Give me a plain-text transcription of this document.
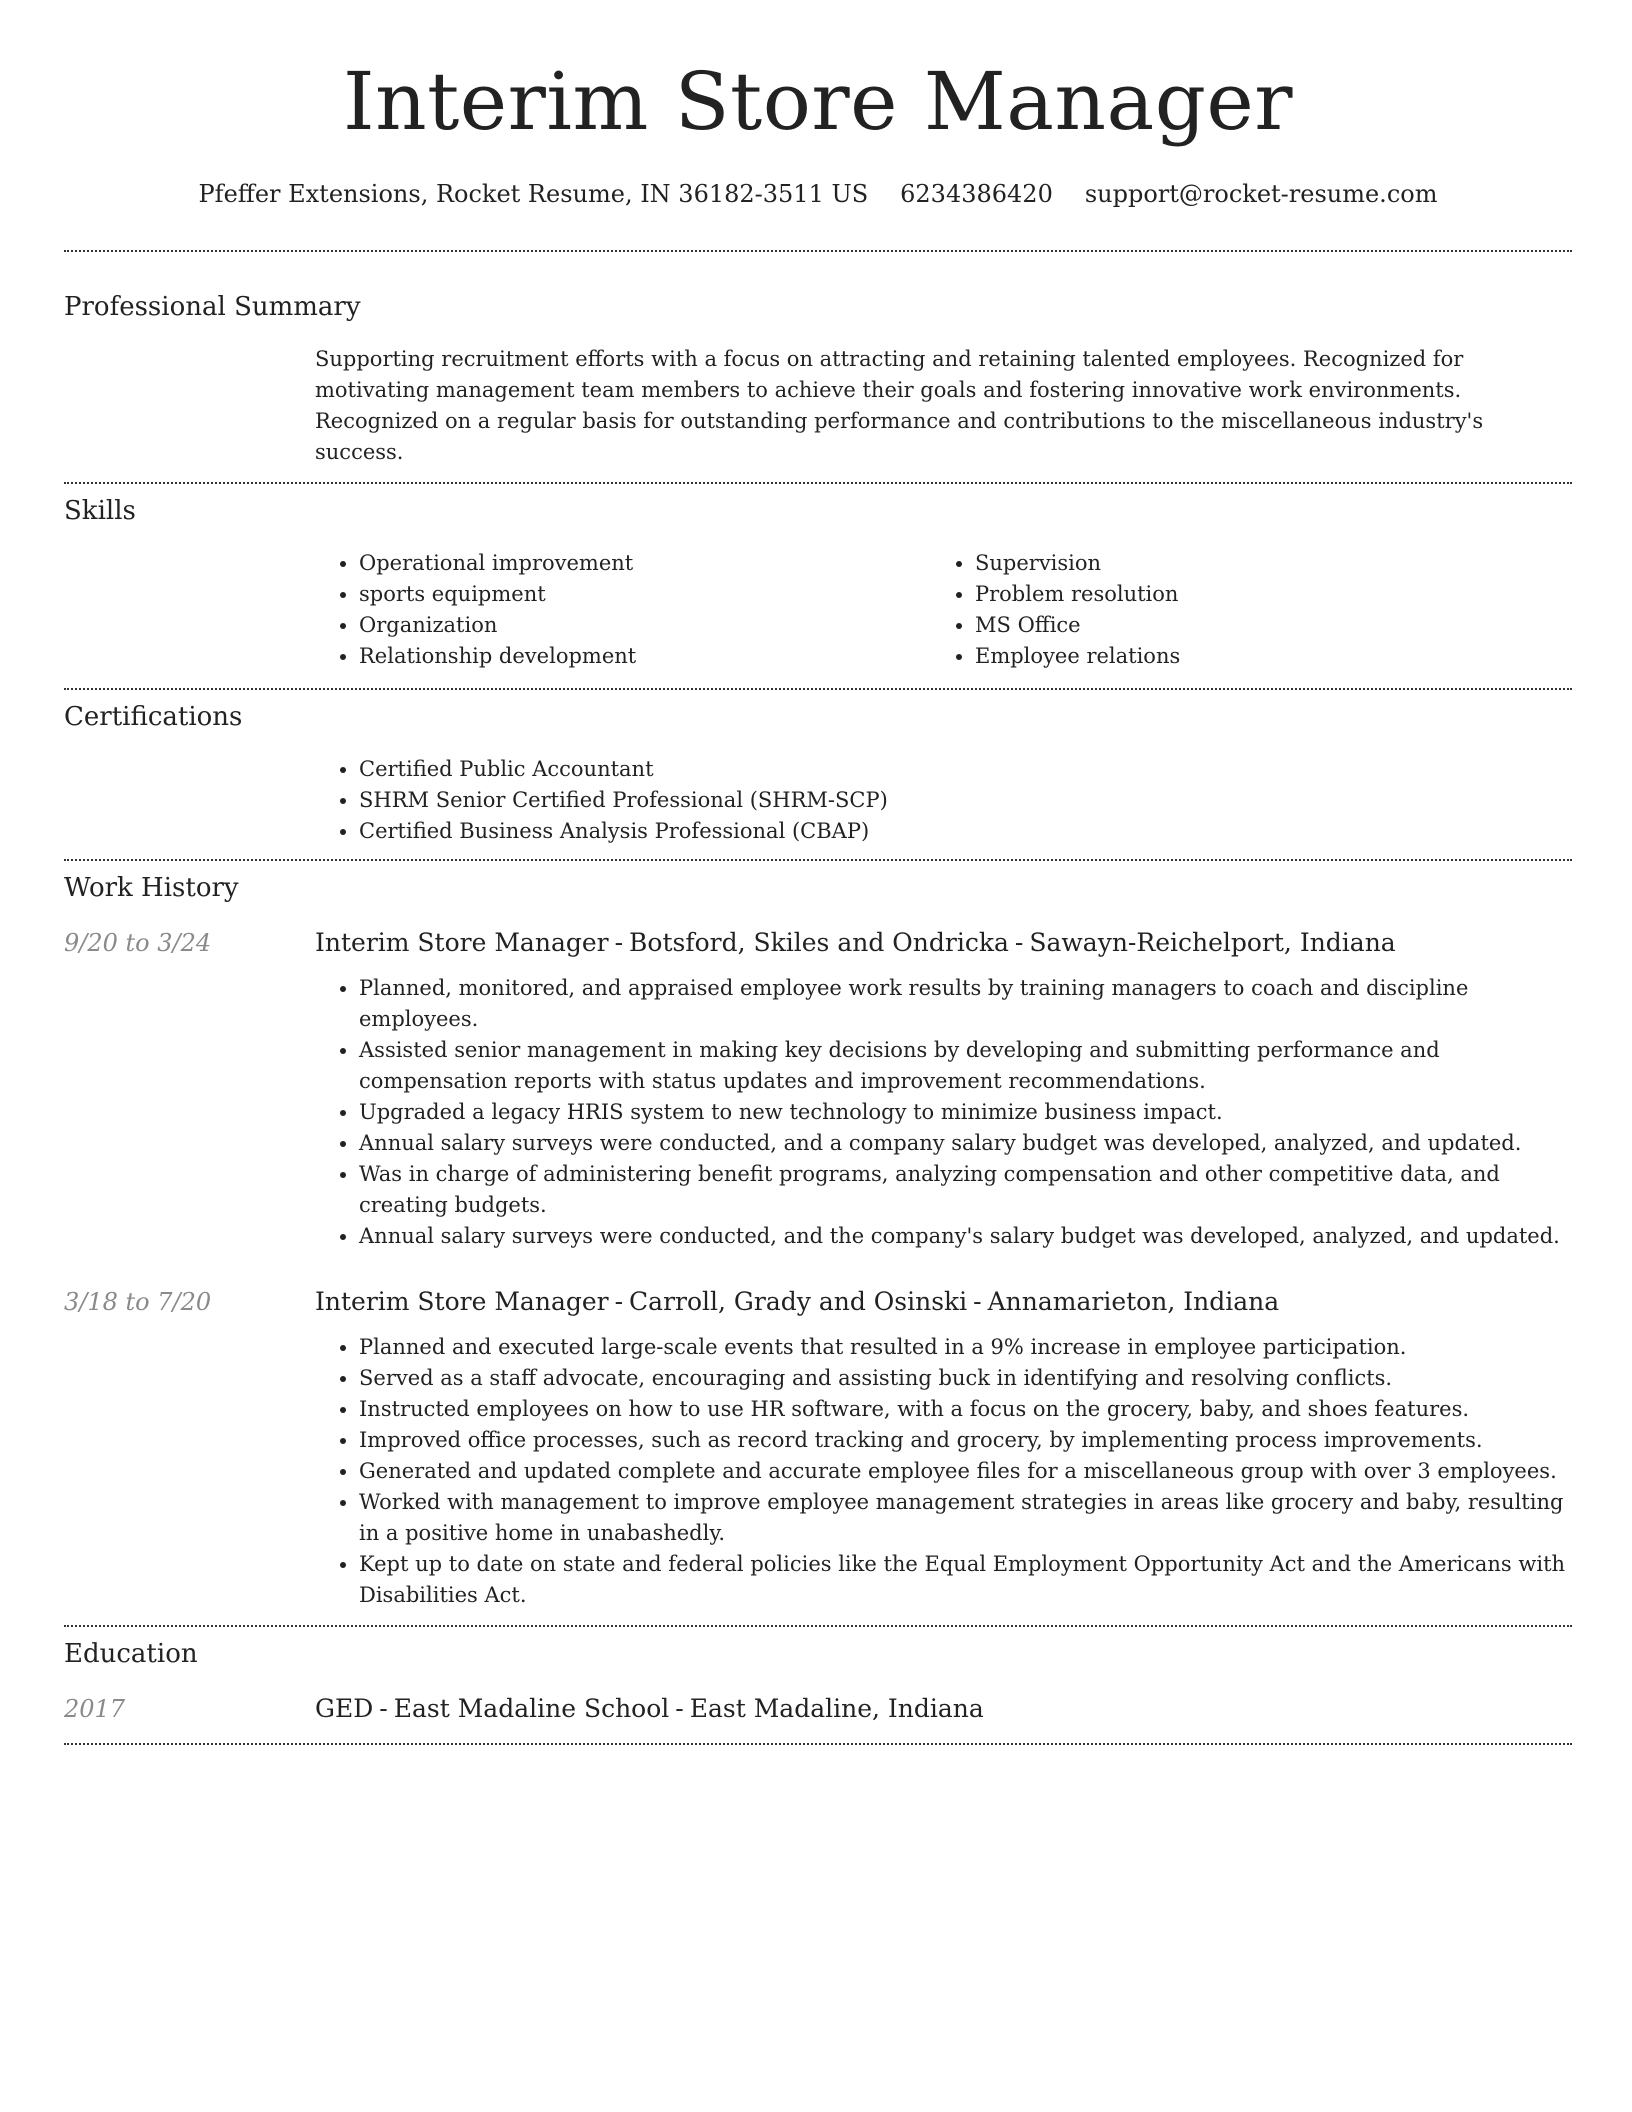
Interim Store Manager
Pfeffer Extensions, Rocket Resume, IN 36182-3511 US 6234386420 support@rocket-resume.com
Professional Summary

Supporting recruitment efforts with a focus on attracting and retaining talented employees. Recognized for motivating management team members to achieve their goals and fostering innovative work environments. Recognized on a regular basis for outstanding performance and contributions to the miscellaneous industry's success.

Skills
• Operational improvement
• sports equipment
• Organization
• Relationship development
• Supervision
• Problem resolution
• MS Office
• Employee relations
Certifications
• Certified Public Accountant
• SHRM Senior Certified Professional (SHRM-SCP)
• Certified Business Analysis Professional (CBAP)
Work History
9/20 to 3/24	Interim Store Manager - Botsford, Skiles and Ondricka - Sawayn-Reichelport, Indiana
• Planned, monitored, and appraised employee work results by training managers to coach and discipline employees.
• Assisted senior management in making key decisions by developing and submitting performance and compensation reports with status updates and improvement recommendations.
• Upgraded a legacy HRIS system to new technology to minimize business impact.
• Annual salary surveys were conducted, and a company salary budget was developed, analyzed, and updated.
• Was in charge of administering benefit programs, analyzing compensation and other competitive data, and creating budgets.
• Annual salary surveys were conducted, and the company's salary budget was developed, analyzed, and updated.
3/18 to 7/20	Interim Store Manager - Carroll, Grady and Osinski - Annamarieton, Indiana
• Planned and executed large-scale events that resulted in a 9% increase in employee participation.
• Served as a staff advocate, encouraging and assisting buck in identifying and resolving conflicts.
• Instructed employees on how to use HR software, with a focus on the grocery, baby, and shoes features.
• Improved office processes, such as record tracking and grocery, by implementing process improvements.
• Generated and updated complete and accurate employee files for a miscellaneous group with over 3 employees.
• Worked with management to improve employee management strategies in areas like grocery and baby, resulting in a positive home in unabashedly.
• Kept up to date on state and federal policies like the Equal Employment Opportunity Act and the Americans with Disabilities Act.
Education
2017	GED - East Madaline School - East Madaline, Indiana
